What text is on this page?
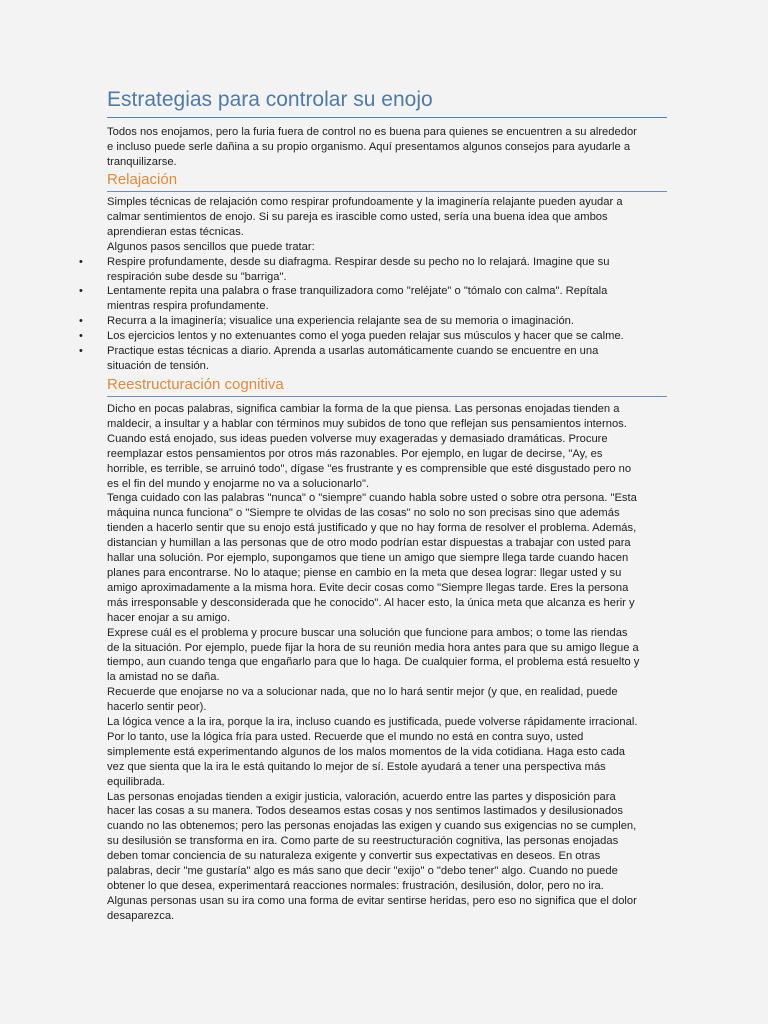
Estrategias para controlar su enojo

Todos nos enojamos, pero la furia fuera de control no es buena para quienes se encuentren a su alrededor e incluso puede serle dañina a su propio organismo. Aquí presentamos algunos consejos para ayudarle a tranquilizarse.

Relajación

Simples técnicas de relajación como respirar profundoamente y la imaginería relajante pueden ayudar a calmar sentimientos de enojo. Si su pareja es irascible como usted, sería una buena idea que ambos aprendieran estas técnicas.

Algunos pasos sencillos que puede tratar:

• Respire profundamente, desde su diafragma. Respirar desde su pecho no lo relajará. Imagine que su respiración sube desde su "barriga".
• Lentamente repita una palabra o frase tranquilizadora como "reléjate" o "tómalo con calma". Repítala mientras respira profundamente.
• Recurra a la imaginería; visualice una experiencia relajante sea de su memoria o imaginación.
• Los ejercicios lentos y no extenuantes como el yoga pueden relajar sus músculos y hacer que se calme.
• Practique estas técnicas a diario. Aprenda a usarlas automáticamente cuando se encuentre en una situación de tensión.
Reestructuración cognitiva

Dicho en pocas palabras, significa cambiar la forma de la que piensa. Las personas enojadas tienden a maldecir, a insultar y a hablar con términos muy subidos de tono que reflejan sus pensamientos internos. Cuando está enojado, sus ideas pueden volverse muy exageradas y demasiado dramáticas. Procure reemplazar estos pensamientos por otros más razonables. Por ejemplo, en lugar de decirse, "Ay, es horrible, es terrible, se arruinó todo", dígase "es frustrante y es comprensible que esté disgustado pero no es el fin del mundo y enojarme no va a solucionarlo".

Tenga cuidado con las palabras "nunca" o "siempre" cuando habla sobre usted o sobre otra persona. "Esta máquina nunca funciona" o "Siempre te olvidas de las cosas" no solo no son precisas sino que además tienden a hacerlo sentir que su enojo está justificado y que no hay forma de resolver el problema. Además, distancian y humillan a las personas que de otro modo podrían estar dispuestas a trabajar con usted para hallar una solución. Por ejemplo, supongamos que tiene un amigo que siempre llega tarde cuando hacen planes para encontrarse. No lo ataque; piense en cambio en la meta que desea lograr: llegar usted y su amigo aproximadamente a la misma hora. Evite decir cosas como "Siempre llegas tarde. Eres la persona más irresponsable y desconsiderada que he conocido". Al hacer esto, la única meta que alcanza es herir y hacer enojar a su amigo.

Exprese cuál es el problema y procure buscar una solución que funcione para ambos; o tome las riendas de la situación. Por ejemplo, puede fijar la hora de su reunión media hora antes para que su amigo llegue a tiempo, aun cuando tenga que engañarlo para que lo haga. De cualquier forma, el problema está resuelto y la amistad no se daña.

Recuerde que enojarse no va a solucionar nada, que no lo hará sentir mejor (y que, en realidad, puede hacerlo sentir peor).

La lógica vence a la ira, porque la ira, incluso cuando es justificada, puede volverse rápidamente irracional. Por lo tanto, use la lógica fría para usted. Recuerde que el mundo no está en contra suyo, usted simplemente está experimentando algunos de los malos momentos de la vida cotidiana. Haga esto cada vez que sienta que la ira le está quitando lo mejor de sí. Estole ayudará a tener una perspectiva más equilibrada.

Las personas enojadas tienden a exigir justicia, valoración, acuerdo entre las partes y disposición para hacer las cosas a su manera. Todos deseamos estas cosas y nos sentimos lastimados y desilusionados cuando no las obtenemos; pero las personas enojadas las exigen y cuando sus exigencias no se cumplen, su desilusión se transforma en ira. Como parte de su reestructuración cognitiva, las personas enojadas deben tomar conciencia de su naturaleza exigente y convertir sus expectativas en deseos. En otras palabras, decir "me gustaría" algo es más sano que decir "exijo" o "debo tener" algo. Cuando no puede obtener lo que desea, experimentará reacciones normales: frustración, desilusión, dolor, pero no ira. Algunas personas usan su ira como una forma de evitar sentirse heridas, pero eso no significa que el dolor desaparezca.
